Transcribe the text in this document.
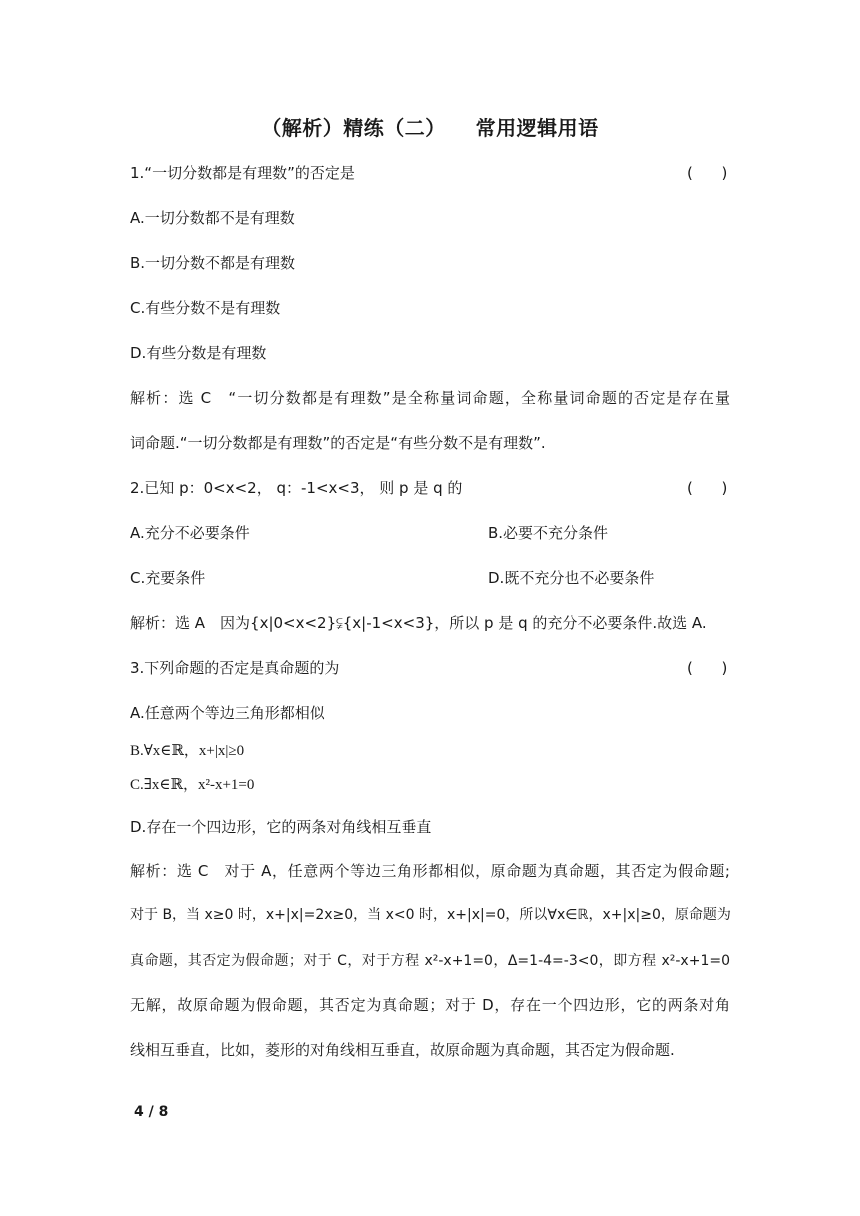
（解析）精练（二）    常用逻辑用语
1.“一切分数都是有理数”的否定是	(      )
A.一切分数都不是有理数
B.一切分数不都是有理数
C.有些分数不是有理数
D.有些分数是有理数
解析：选 C　“一切分数都是有理数”是全称量词命题，全称量词命题的否定是存在量
词命题.“一切分数都是有理数”的否定是“有些分数不是有理数”.
2.已知 p：0<x<2， q：-1<x<3， 则 p 是 q 的	(      )
A.充分不必要条件	B.必要不充分条件
C.充要条件	D.既不充分也不必要条件
解析：选 A　因为{x|0<x<2}⫋{x|-1<x<3}，所以 p 是 q 的充分不必要条件.故选 A.
3.下列命题的否定是真命题的为	(      )
A.任意两个等边三角形都相似
B.∀x∈ℝ，x+|x|≥0
C.∃x∈ℝ，x²-x+1=0
D.存在一个四边形，它的两条对角线相互垂直
解析：选 C　对于 A，任意两个等边三角形都相似，原命题为真命题，其否定为假命题;
对于 B，当 x≥0 时，x+|x|=2x≥0，当 x<0 时，x+|x|=0，所以∀x∈ℝ，x+|x|≥0，原命题为
真命题，其否定为假命题；对于 C，对于方程 x²-x+1=0，Δ=1-4=-3<0，即方程 x²-x+1=0
无解，故原命题为假命题，其否定为真命题；对于 D，存在一个四边形，它的两条对角
线相互垂直，比如，菱形的对角线相互垂直，故原命题为真命题，其否定为假命题.
4 / 8
